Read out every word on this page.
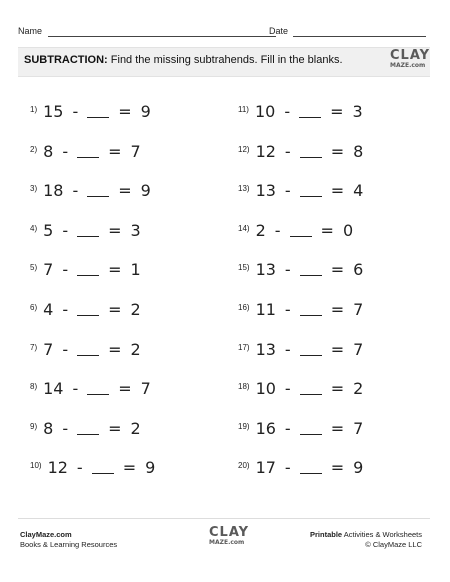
Name	Date
SUBTRACTION: Find the missing subtrahends. Fill in the blanks.	CLAY
MAZE.com
$^{1)}$ 15 -	= 9
$^{2)}$ 8 -	= 7
$^{3)}$ 18 -	= 9
$^{4)}$ 5 -	= 3
$^{5)}$ 7 -	= 1
$^{6)}$ 4 -	= 2
$^{7)}$ 7 -	= 2
$^{8)}$ 14 -	= 7
$^{9)}$ 8 -	= 2
$^{10)}$ 12 -	= 9
$^{11)}$ 10 -	= 3
$^{12)}$ 12 -	= 8
$^{13)}$ 13 -	= 4
$^{14)}$ 2 -	= 0
$^{15)}$ 13 -	= 6
$^{16)}$ 11 -	= 7
$^{17)}$ 13 -	= 7
$^{18)}$ 10 -	= 2
$^{19)}$ 16 -	= 7
$^{20)}$ 17 -	= 9
ClayMaze.com
Books & Learning Resources
CLAY
MAZE.com
Printable Activities & Worksheets
© ClayMaze LLC
